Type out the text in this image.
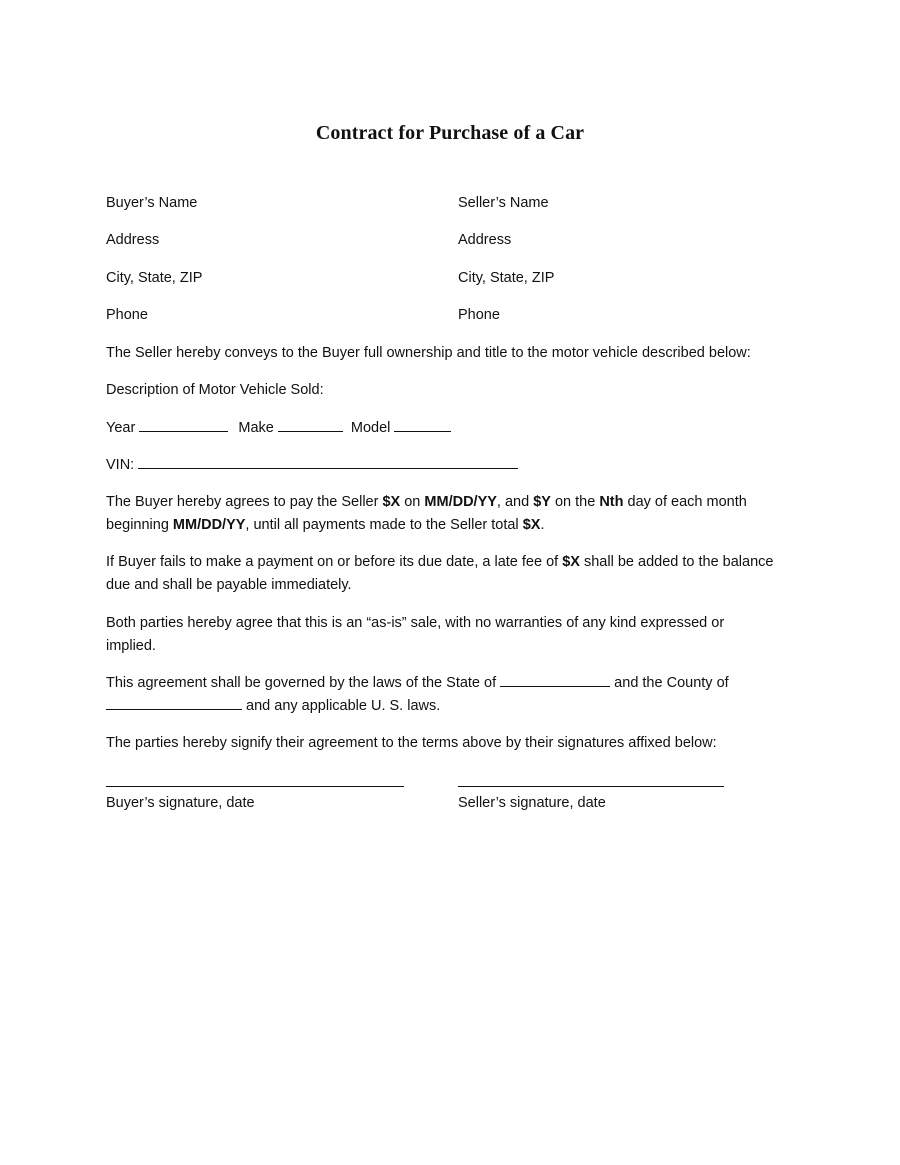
Contract for Purchase of a Car
Buyer’s Name	Seller’s Name
Address	Address
City, State, ZIP	City, State, ZIP
Phone	Phone
The Seller hereby conveys to the Buyer full ownership and title to the motor vehicle described below:
Description of Motor Vehicle Sold:
Year	Make	Model
VIN:
The Buyer hereby agrees to pay the Seller $X on MM/DD/YY, and $Y on the Nth day of each month beginning MM/DD/YY, until all payments made to the Seller total $X.
If Buyer fails to make a payment on or before its due date, a late fee of $X shall be added to the balance due and shall be payable immediately.
Both parties hereby agree that this is an “as-is” sale, with no warranties of any kind expressed or implied.
This agreement shall be governed by the laws of the State of	and the County of
and any applicable U. S. laws.
The parties hereby signify their agreement to the terms above by their signatures affixed below:
Buyer’s signature, date	Seller’s signature, date
